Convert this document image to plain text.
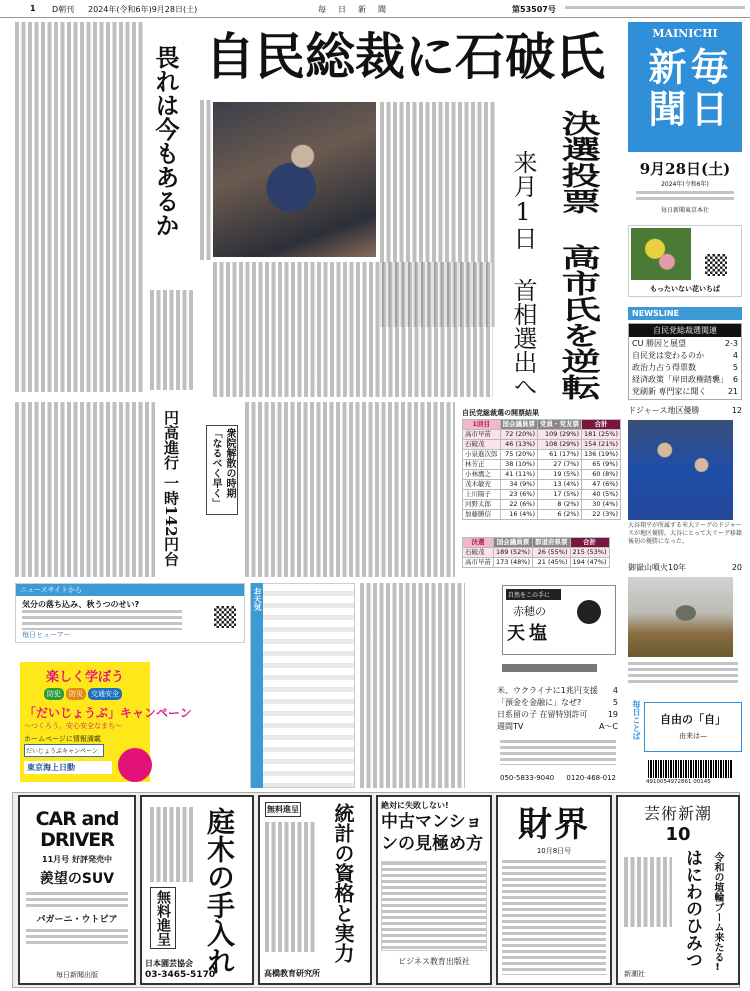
1 D朝刊 2024年(令和6年)9月28日(土)	毎　日　新　聞	第53507号
自民総裁に石破氏
畏れは今もあるか	決選投票 高市氏を逆転
来月1日 首相選出へ
MAINICHI
毎日新聞
9月28日(土)
2024年(令和6年)
毎日新聞東京本社
もったいない花いちば
NEWSLINE
自民党総裁選関連
CU 勝因と展望	2-3
自民党は変わるのか	4
政治力占う得票数	5
経済政策「岸田政権踏襲」 6
党刷新 専門家に聞く	21
ドジャース地区優勝	12
大谷翔平が所属する米大リーグのドジャースが地区優勝。大谷にとって大リーグ移籍後初の優勝になった。
御嶽山噴火10年	20
毎日ことば	自由の「自」
由来は—
4910054972861 00145
円高進行 一時142円台	衆院解散の時期「なるべく早く」
自民党総裁選の開票結果
1回目	国会議員票	党員・党友票	合計
高市早苗	72 (20%)	109 (29%)	181 (25%)
石破茂	46 (13%)	108 (29%)	154 (21%)
小泉進次郎	75 (20%)	61 (17%)	136 (19%)
林芳正	38 (10%)	27 (7%)	65 (9%)
小林鷹之	41 (11%)	19 (5%)	60 (8%)
茂木敏充	34 (9%)	13 (4%)	47 (6%)
上川陽子	23 (6%)	17 (5%)	40 (5%)
河野太郎	22 (6%)	8 (2%)	30 (4%)
加藤勝信	16 (4%)	6 (2%)	22 (3%)
決選	国会議員票	都道府県票	合計
石破茂	189 (52%)	26 (55%)	215 (53%)
高市早苗	173 (48%)	21 (45%)	194 (47%)
ニュースサイトから
気分の落ち込み、秋うつのせい?
毎日ヒューアー
楽しく学ぼう
防犯	防災	交通安全
「だいじょうぶ」キャンペーン
〜つくろう、安心安全なまち〜
ホームページに情報満載
だいじょうぶキャンペーン
東京海上日動
お天気	自然をこの手に
赤穂の
天塩
米、ウクライナに1兆円支援 4
「預金を金融に」なぜ?	5
日系留の子 在留特別許可	19
週間TV	A〜C
050-5833-9040 0120-468-012
CAR and DRIVER
11月号 好評発売中
羨望のSUV
パガーニ・ウトピア
毎日新聞出版	庭木の手入れ
無料進呈
日本園芸協会
03-3465-5170
統計の資格と実力
無料進呈
高橋教育研究所
絶対に失敗しない!
中古マンションの見極め方
ビジネス教育出版社
財界
10月8日号
芸術新潮
10
はにわのひみつ	令和の埴輪ブーム来たる!
新潮社
